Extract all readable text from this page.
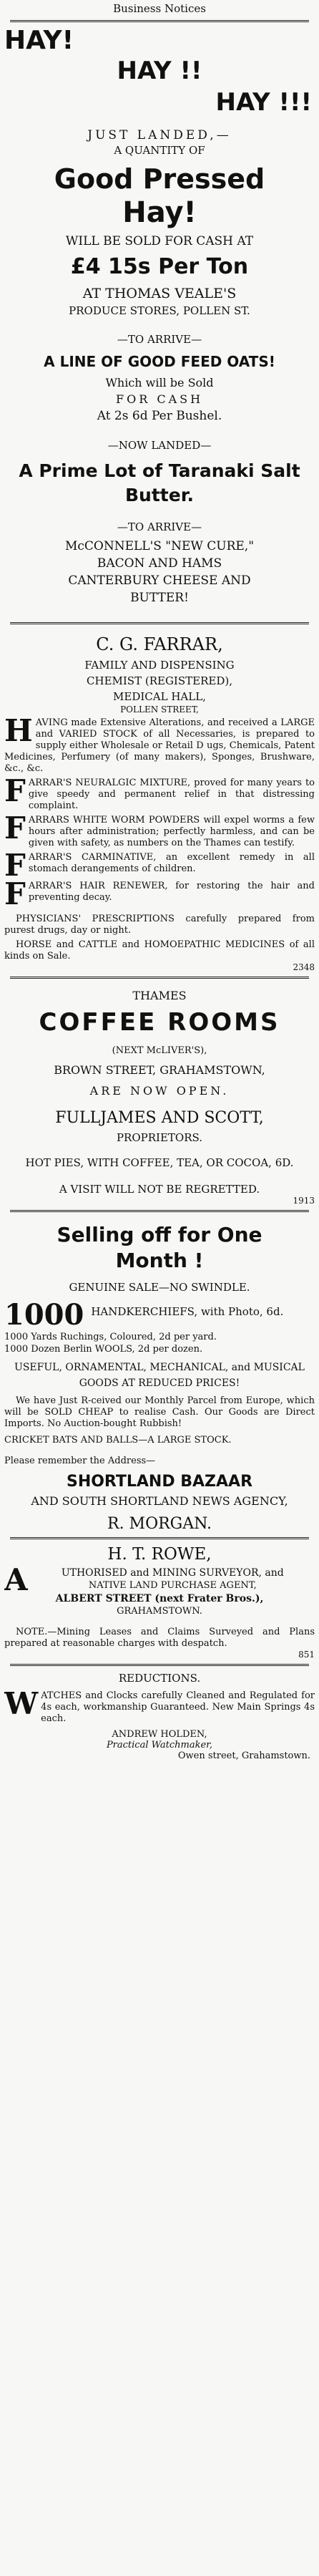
Business Notices

HAY!

HAY !!

HAY !!!

JUST LANDED,—

A QUANTITY OF

Good Pressed

Hay!

WILL BE SOLD FOR CASH AT

£4 15s Per Ton

AT THOMAS VEALE'S

PRODUCE STORES, POLLEN ST.

—TO ARRIVE—

A LINE OF GOOD FEED OATS!

Which will be Sold

FOR CASH

At 2s 6d Per Bushel.

—NOW LANDED—

A Prime Lot of Taranaki Salt Butter.

—TO ARRIVE—

McCONNELL'S "NEW CURE,"

BACON AND HAMS

CANTERBURY CHEESE AND

BUTTER!

C. G. FARRAR,

FAMILY AND DISPENSING

CHEMIST (REGISTERED),

MEDICAL HALL,

POLLEN STREET,

H AVING made Extensive Alterations, and received a LARGE and VARIED STOCK of all Necessaries, is prepared to supply either Wholesale or Retail D ugs, Chemicals, Patent Medicines, Perfumery (of many makers), Sponges, Brushware, &c., &c.

F ARRAR'S NEURALGIC MIXTURE, proved for many years to give speedy and permanent relief in that distressing complaint.

F ARRARS WHITE WORM POWDERS will expel worms a few hours after administration; perfectly harmless, and can be given with safety, as numbers on the Thames can testify.

F ARRAR'S CARMINATIVE, an excellent remedy in all stomach derangements of children.

F ARRAR'S HAIR RENEWER, for restoring the hair and preventing decay.

PHYSICIANS' PRESCRIPTIONS carefully prepared from purest drugs, day or night.

HORSE and CATTLE and HOMOEPATHIC MEDICINES of all kinds on Sale.

2348

THAMES

COFFEE ROOMS

(NEXT McLIVER'S),

BROWN STREET, GRAHAMSTOWN,

ARE NOW OPEN.

FULLJAMES AND SCOTT,

PROPRIETORS.

HOT PIES, WITH COFFEE, TEA, OR COCOA, 6D.

A VISIT WILL NOT BE REGRETTED.

1913

Selling off for One

Month !

GENUINE SALE—NO SWINDLE.

1000 HANDKERCHIEFS, with Photo, 6d.

1000 Yards Ruchings, Coloured, 2d per yard.

1000 Dozen Berlin WOOLS, 2d per dozen.

USEFUL, ORNAMENTAL, MECHANICAL, and MUSICAL GOODS AT REDUCED PRICES!

We have Just R-ceived our Monthly Parcel from Europe, which will be SOLD CHEAP to realise Cash. Our Goods are Direct Imports. No Auction-bought Rubbish!

CRICKET BATS AND BALLS—A LARGE STOCK.

Please remember the Address—

SHORTLAND BAZAAR

AND SOUTH SHORTLAND NEWS AGENCY,

R. MORGAN.

H. T. ROWE,

A	UTHORISED and MINING SURVEYOR, and

NATIVE LAND PURCHASE AGENT,

ALBERT STREET (next Frater Bros.),

GRAHAMSTOWN.

NOTE.—Mining Leases and Claims Surveyed and Plans prepared at reasonable charges with despatch.

851

REDUCTIONS.

W ATCHES and Clocks carefully Cleaned and Regulated for 4s each, workmanship Guaranteed. New Main Springs 4s each.

ANDREW HOLDEN,

Practical Watchmaker,

Owen street, Grahamstown.
